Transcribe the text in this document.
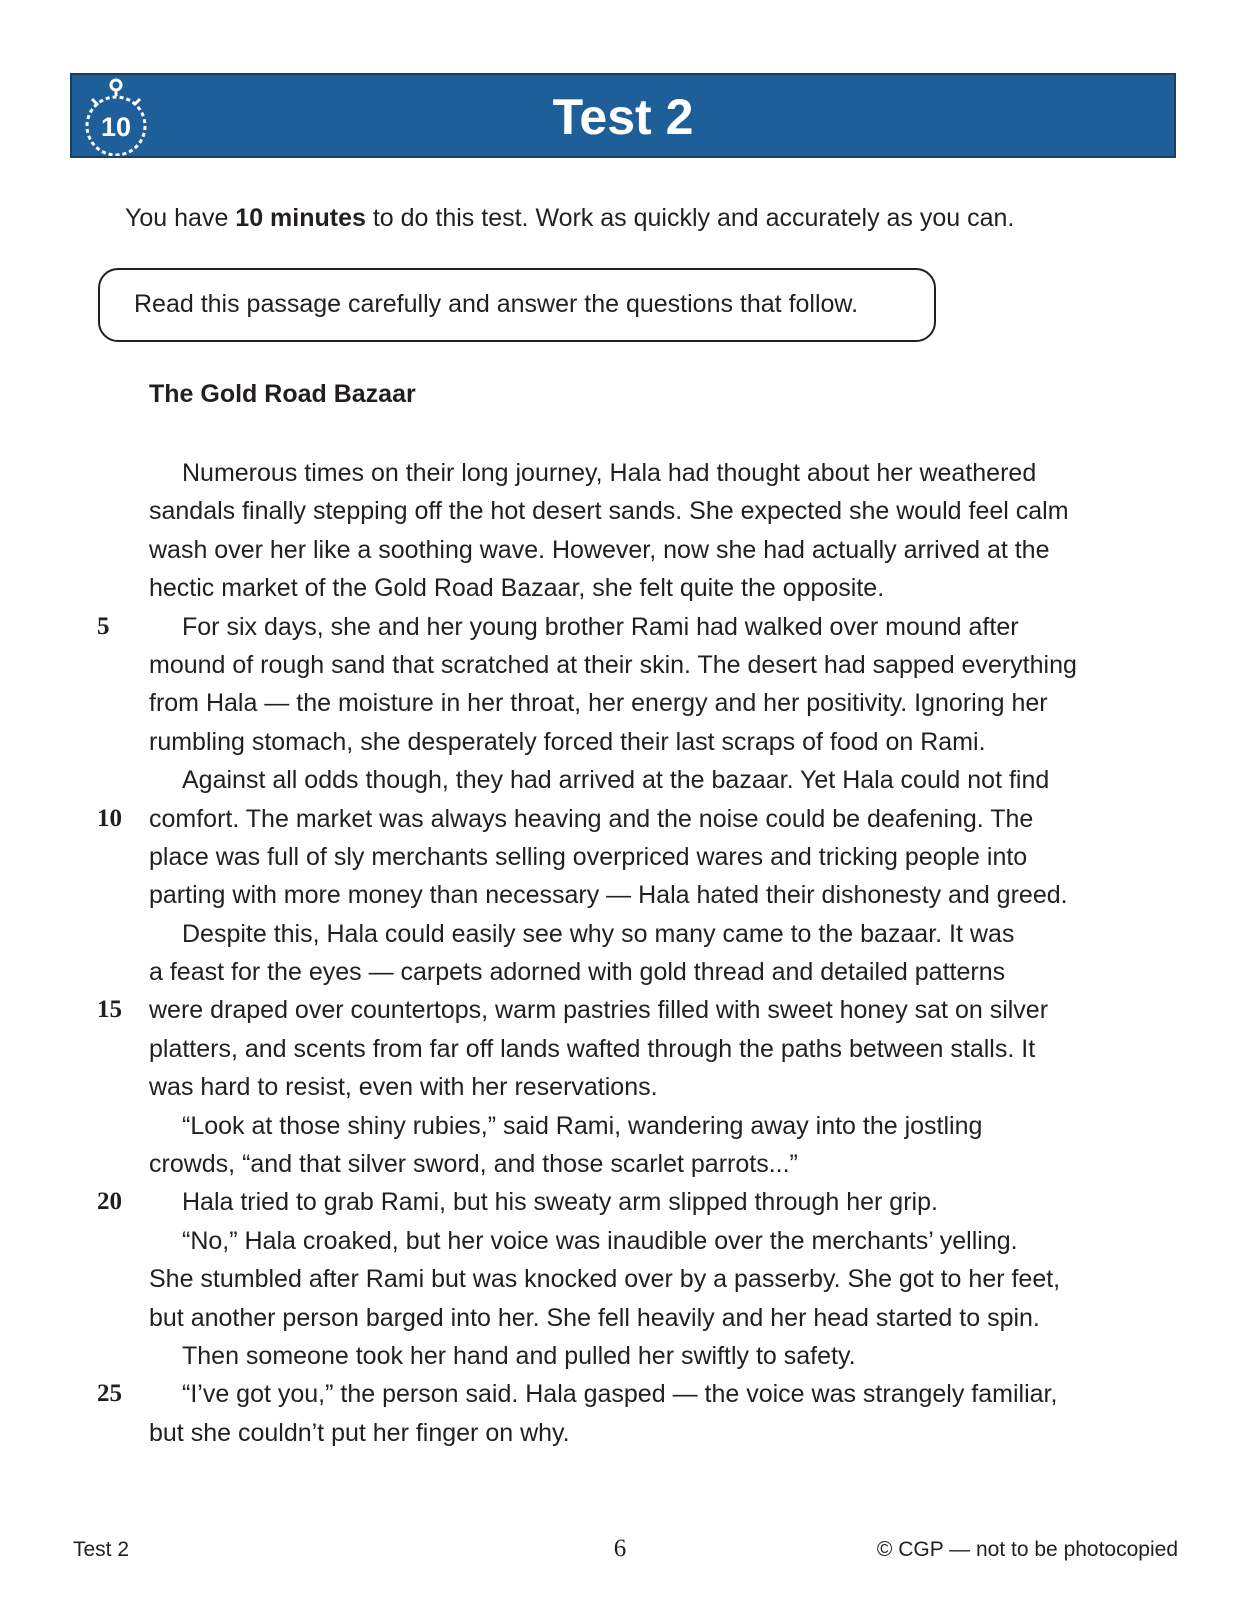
10	Test 2
You have 10 minutes to do this test. Work as quickly and accurately as you can.
Read this passage carefully and answer the questions that follow.
The Gold Road Bazaar
Numerous times on their long journey, Hala had thought about her weathered
sandals finally stepping off the hot desert sands. She expected she would feel calm
wash over her like a soothing wave. However, now she had actually arrived at the
hectic market of the Gold Road Bazaar, she felt quite the opposite.
5	For six days, she and her young brother Rami had walked over mound after
mound of rough sand that scratched at their skin. The desert had sapped everything
from Hala — the moisture in her throat, her energy and her positivity. Ignoring her
rumbling stomach, she desperately forced their last scraps of food on Rami.
Against all odds though, they had arrived at the bazaar. Yet Hala could not find
10	comfort. The market was always heaving and the noise could be deafening. The
place was full of sly merchants selling overpriced wares and tricking people into
parting with more money than necessary — Hala hated their dishonesty and greed.
Despite this, Hala could easily see why so many came to the bazaar. It was
a feast for the eyes — carpets adorned with gold thread and detailed patterns
15	were draped over countertops, warm pastries filled with sweet honey sat on silver
platters, and scents from far off lands wafted through the paths between stalls. It
was hard to resist, even with her reservations.
“Look at those shiny rubies,” said Rami, wandering away into the jostling
crowds, “and that silver sword, and those scarlet parrots...”
20	Hala tried to grab Rami, but his sweaty arm slipped through her grip.
“No,” Hala croaked, but her voice was inaudible over the merchants’ yelling.
She stumbled after Rami but was knocked over by a passerby. She got to her feet,
but another person barged into her. She fell heavily and her head started to spin.
Then someone took her hand and pulled her swiftly to safety.
25	“I’ve got you,” the person said. Hala gasped — the voice was strangely familiar,
but she couldn’t put her finger on why.
Test 2	6	© CGP — not to be photocopied
